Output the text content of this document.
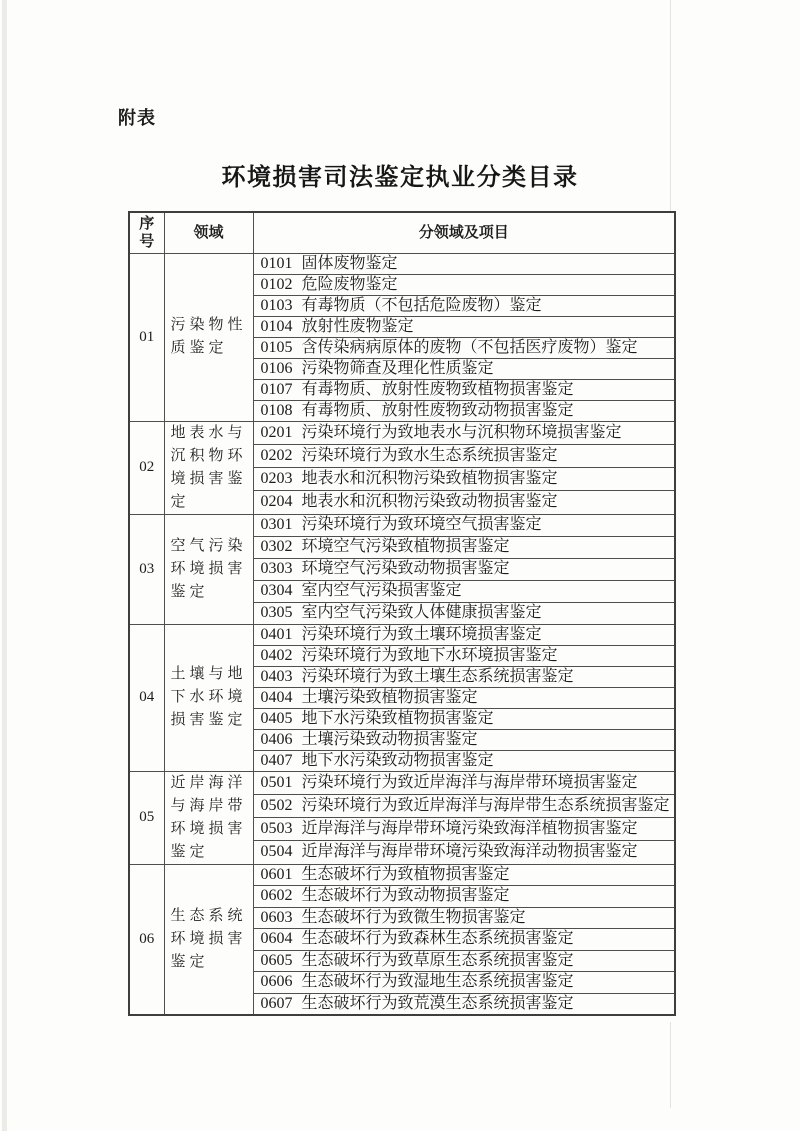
附表
环境损害司法鉴定执业分类目录
序号	领域	分领域及项目
01	污染物性质鉴定	0101 固体废物鉴定
		0102 危险废物鉴定
		0103 有毒物质（不包括危险废物）鉴定
		0104 放射性废物鉴定
		0105 含传染病病原体的废物（不包括医疗废物）鉴定
		0106 污染物筛查及理化性质鉴定
		0107 有毒物质、放射性废物致植物损害鉴定
		0108 有毒物质、放射性废物致动物损害鉴定
02	地表水与沉积物环境损害鉴定	0201 污染环境行为致地表水与沉积物环境损害鉴定
		0202 污染环境行为致水生态系统损害鉴定
		0203 地表水和沉积物污染致植物损害鉴定
		0204 地表水和沉积物污染致动物损害鉴定
03	空气污染环境损害鉴定	0301 污染环境行为致环境空气损害鉴定
		0302 环境空气污染致植物损害鉴定
		0303 环境空气污染致动物损害鉴定
		0304 室内空气污染损害鉴定
		0305 室内空气污染致人体健康损害鉴定
04	土壤与地下水环境损害鉴定	0401 污染环境行为致土壤环境损害鉴定
		0402 污染环境行为致地下水环境损害鉴定
		0403 污染环境行为致土壤生态系统损害鉴定
		0404 土壤污染致植物损害鉴定
		0405 地下水污染致植物损害鉴定
		0406 土壤污染致动物损害鉴定
		0407 地下水污染致动物损害鉴定
05	近岸海洋与海岸带环境损害鉴定	0501 污染环境行为致近岸海洋与海岸带环境损害鉴定
		0502 污染环境行为致近岸海洋与海岸带生态系统损害鉴定
		0503 近岸海洋与海岸带环境污染致海洋植物损害鉴定
		0504 近岸海洋与海岸带环境污染致海洋动物损害鉴定
06	生态系统环境损害鉴定	0601 生态破坏行为致植物损害鉴定
		0602 生态破坏行为致动物损害鉴定
		0603 生态破坏行为致微生物损害鉴定
		0604 生态破坏行为致森林生态系统损害鉴定
		0605 生态破坏行为致草原生态系统损害鉴定
		0606 生态破坏行为致湿地生态系统损害鉴定
		0607 生态破坏行为致荒漠生态系统损害鉴定
